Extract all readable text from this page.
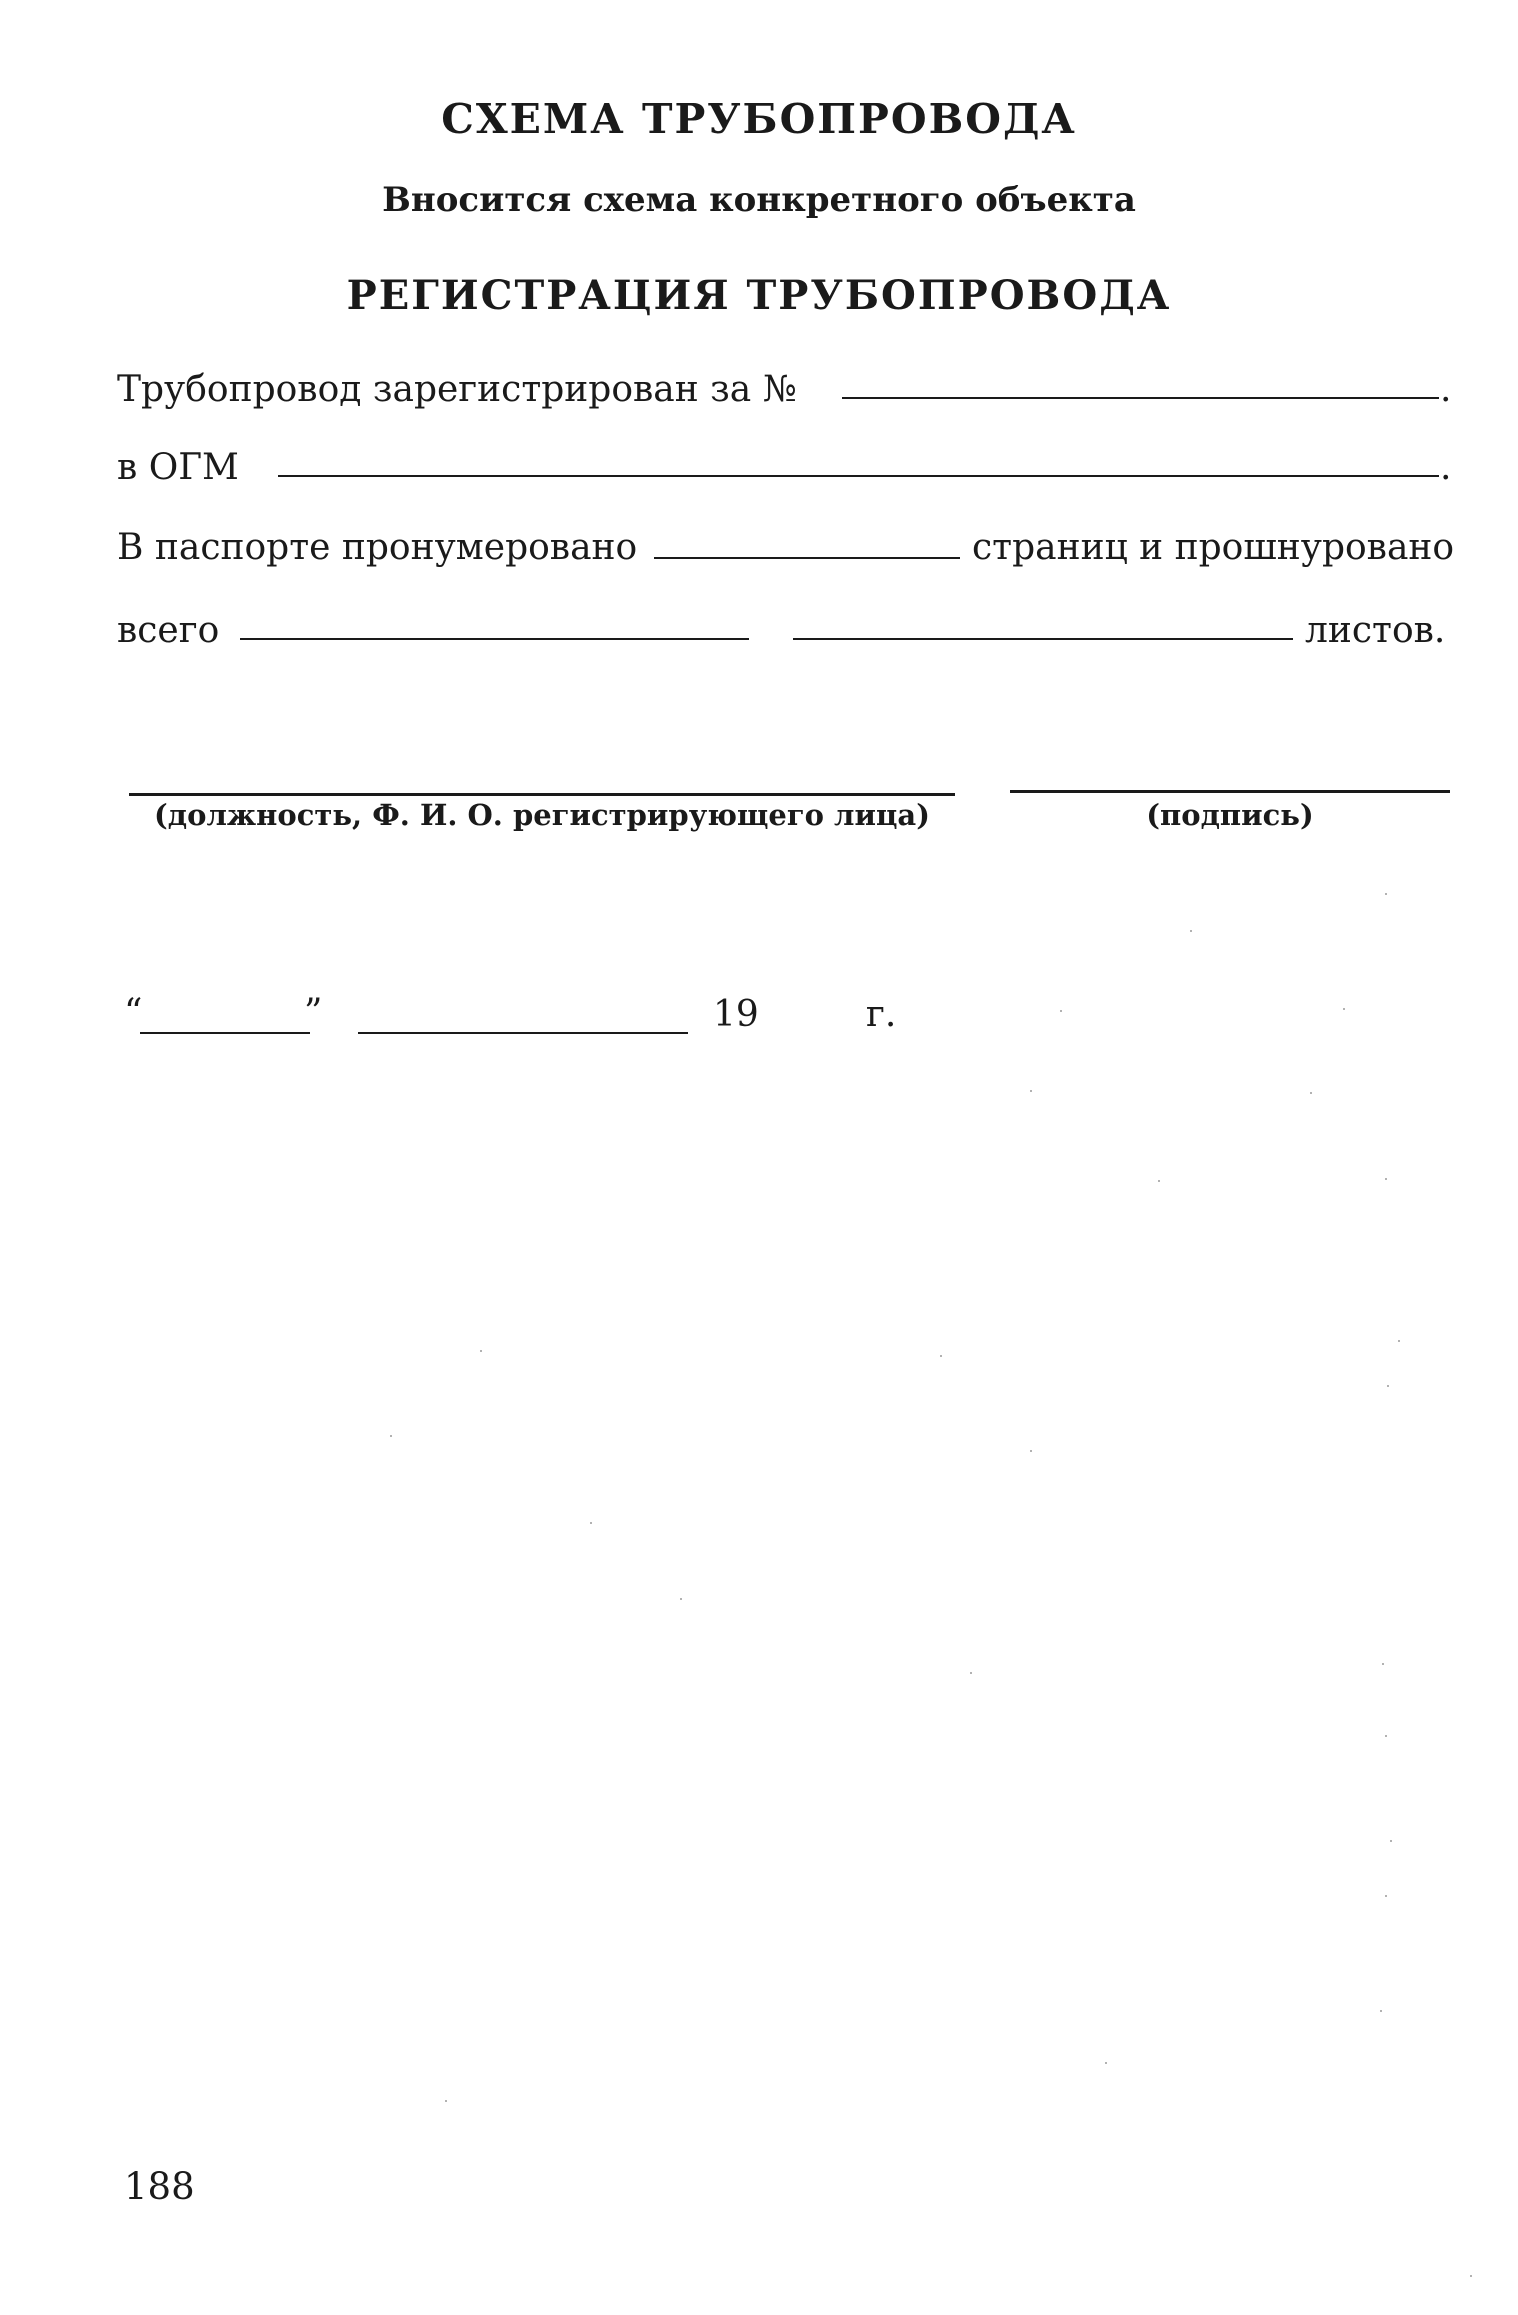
СХЕМА ТРУБОПРОВОДА
Вносится схема конкретного объекта
РЕГИСТРАЦИЯ ТРУБОПРОВОДА
Трубопровод зарегистрирован за №	.
в ОГМ	.
В паспорте пронумеровано	страниц и прошнуровано
всего	листов.
(должность, Ф. И. О. регистрирующего лица)	(подпись)
“	”	19	г.
188
